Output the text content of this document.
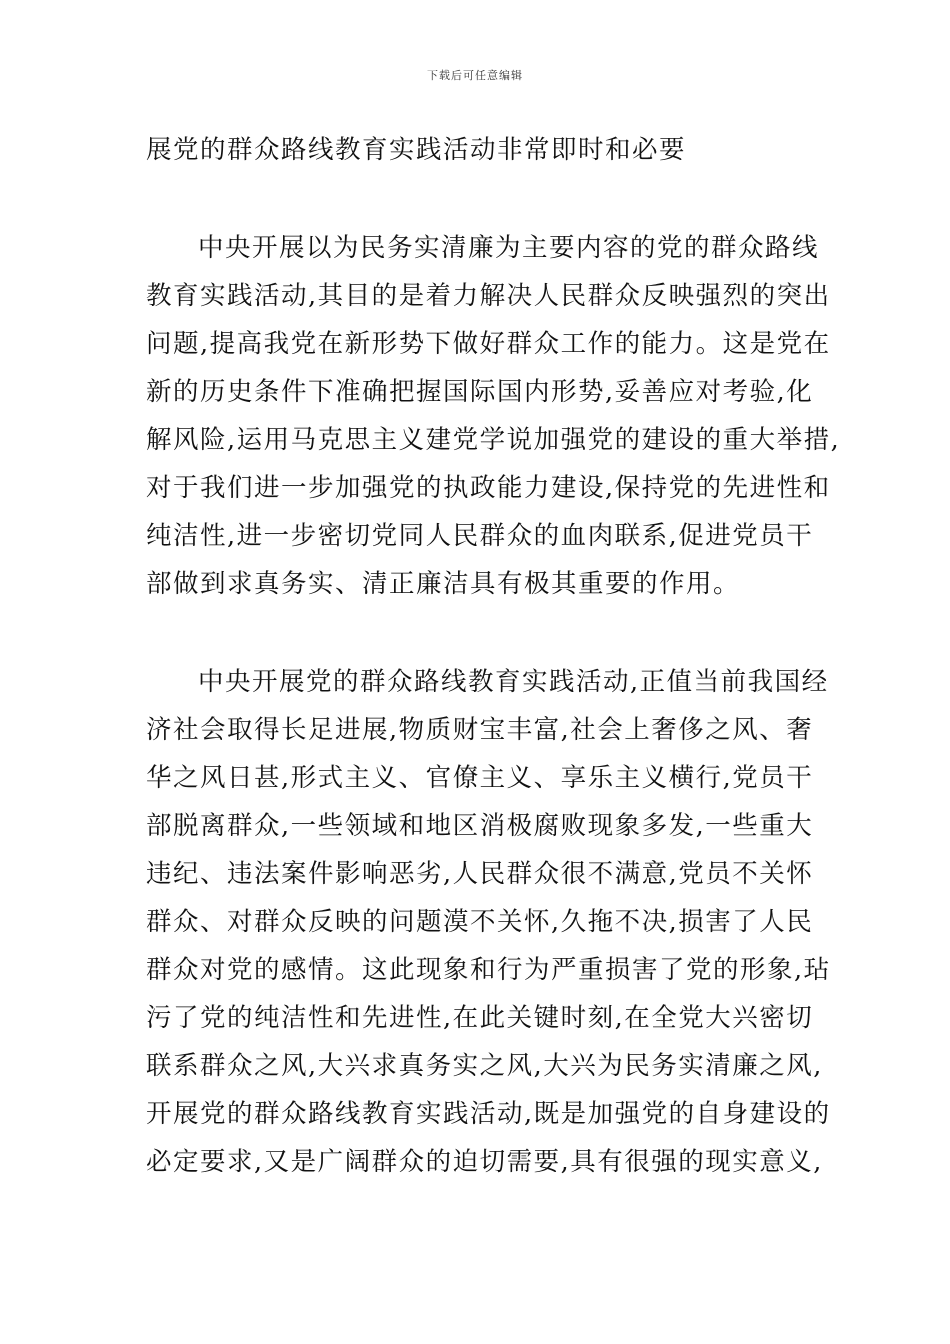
下载后可任意编辑
展党的群众路线教育实践活动非常即时和必要
中央开展以为民务实清廉为主要内容的党的群众路线
教育实践活动,其目的是着力解决人民群众反映强烈的突出
问题,提高我党在新形势下做好群众工作的能力。这是党在
新的历史条件下准确把握国际国内形势,妥善应对考验,化
解风险,运用马克思主义建党学说加强党的建设的重大举措,
对于我们进一步加强党的执政能力建设,保持党的先进性和
纯洁性,进一步密切党同人民群众的血肉联系,促进党员干
部做到求真务实、清正廉洁具有极其重要的作用。
中央开展党的群众路线教育实践活动,正值当前我国经
济社会取得长足进展,物质财宝丰富,社会上奢侈之风、奢
华之风日甚,形式主义、官僚主义、享乐主义横行,党员干
部脱离群众,一些领域和地区消极腐败现象多发,一些重大
违纪、违法案件影响恶劣,人民群众很不满意,党员不关怀
群众、对群众反映的问题漠不关怀,久拖不决,损害了人民
群众对党的感情。这此现象和行为严重损害了党的形象,玷
污了党的纯洁性和先进性,在此关键时刻,在全党大兴密切
联系群众之风,大兴求真务实之风,大兴为民务实清廉之风,
开展党的群众路线教育实践活动,既是加强党的自身建设的
必定要求,又是广阔群众的迫切需要,具有很强的现实意义,
